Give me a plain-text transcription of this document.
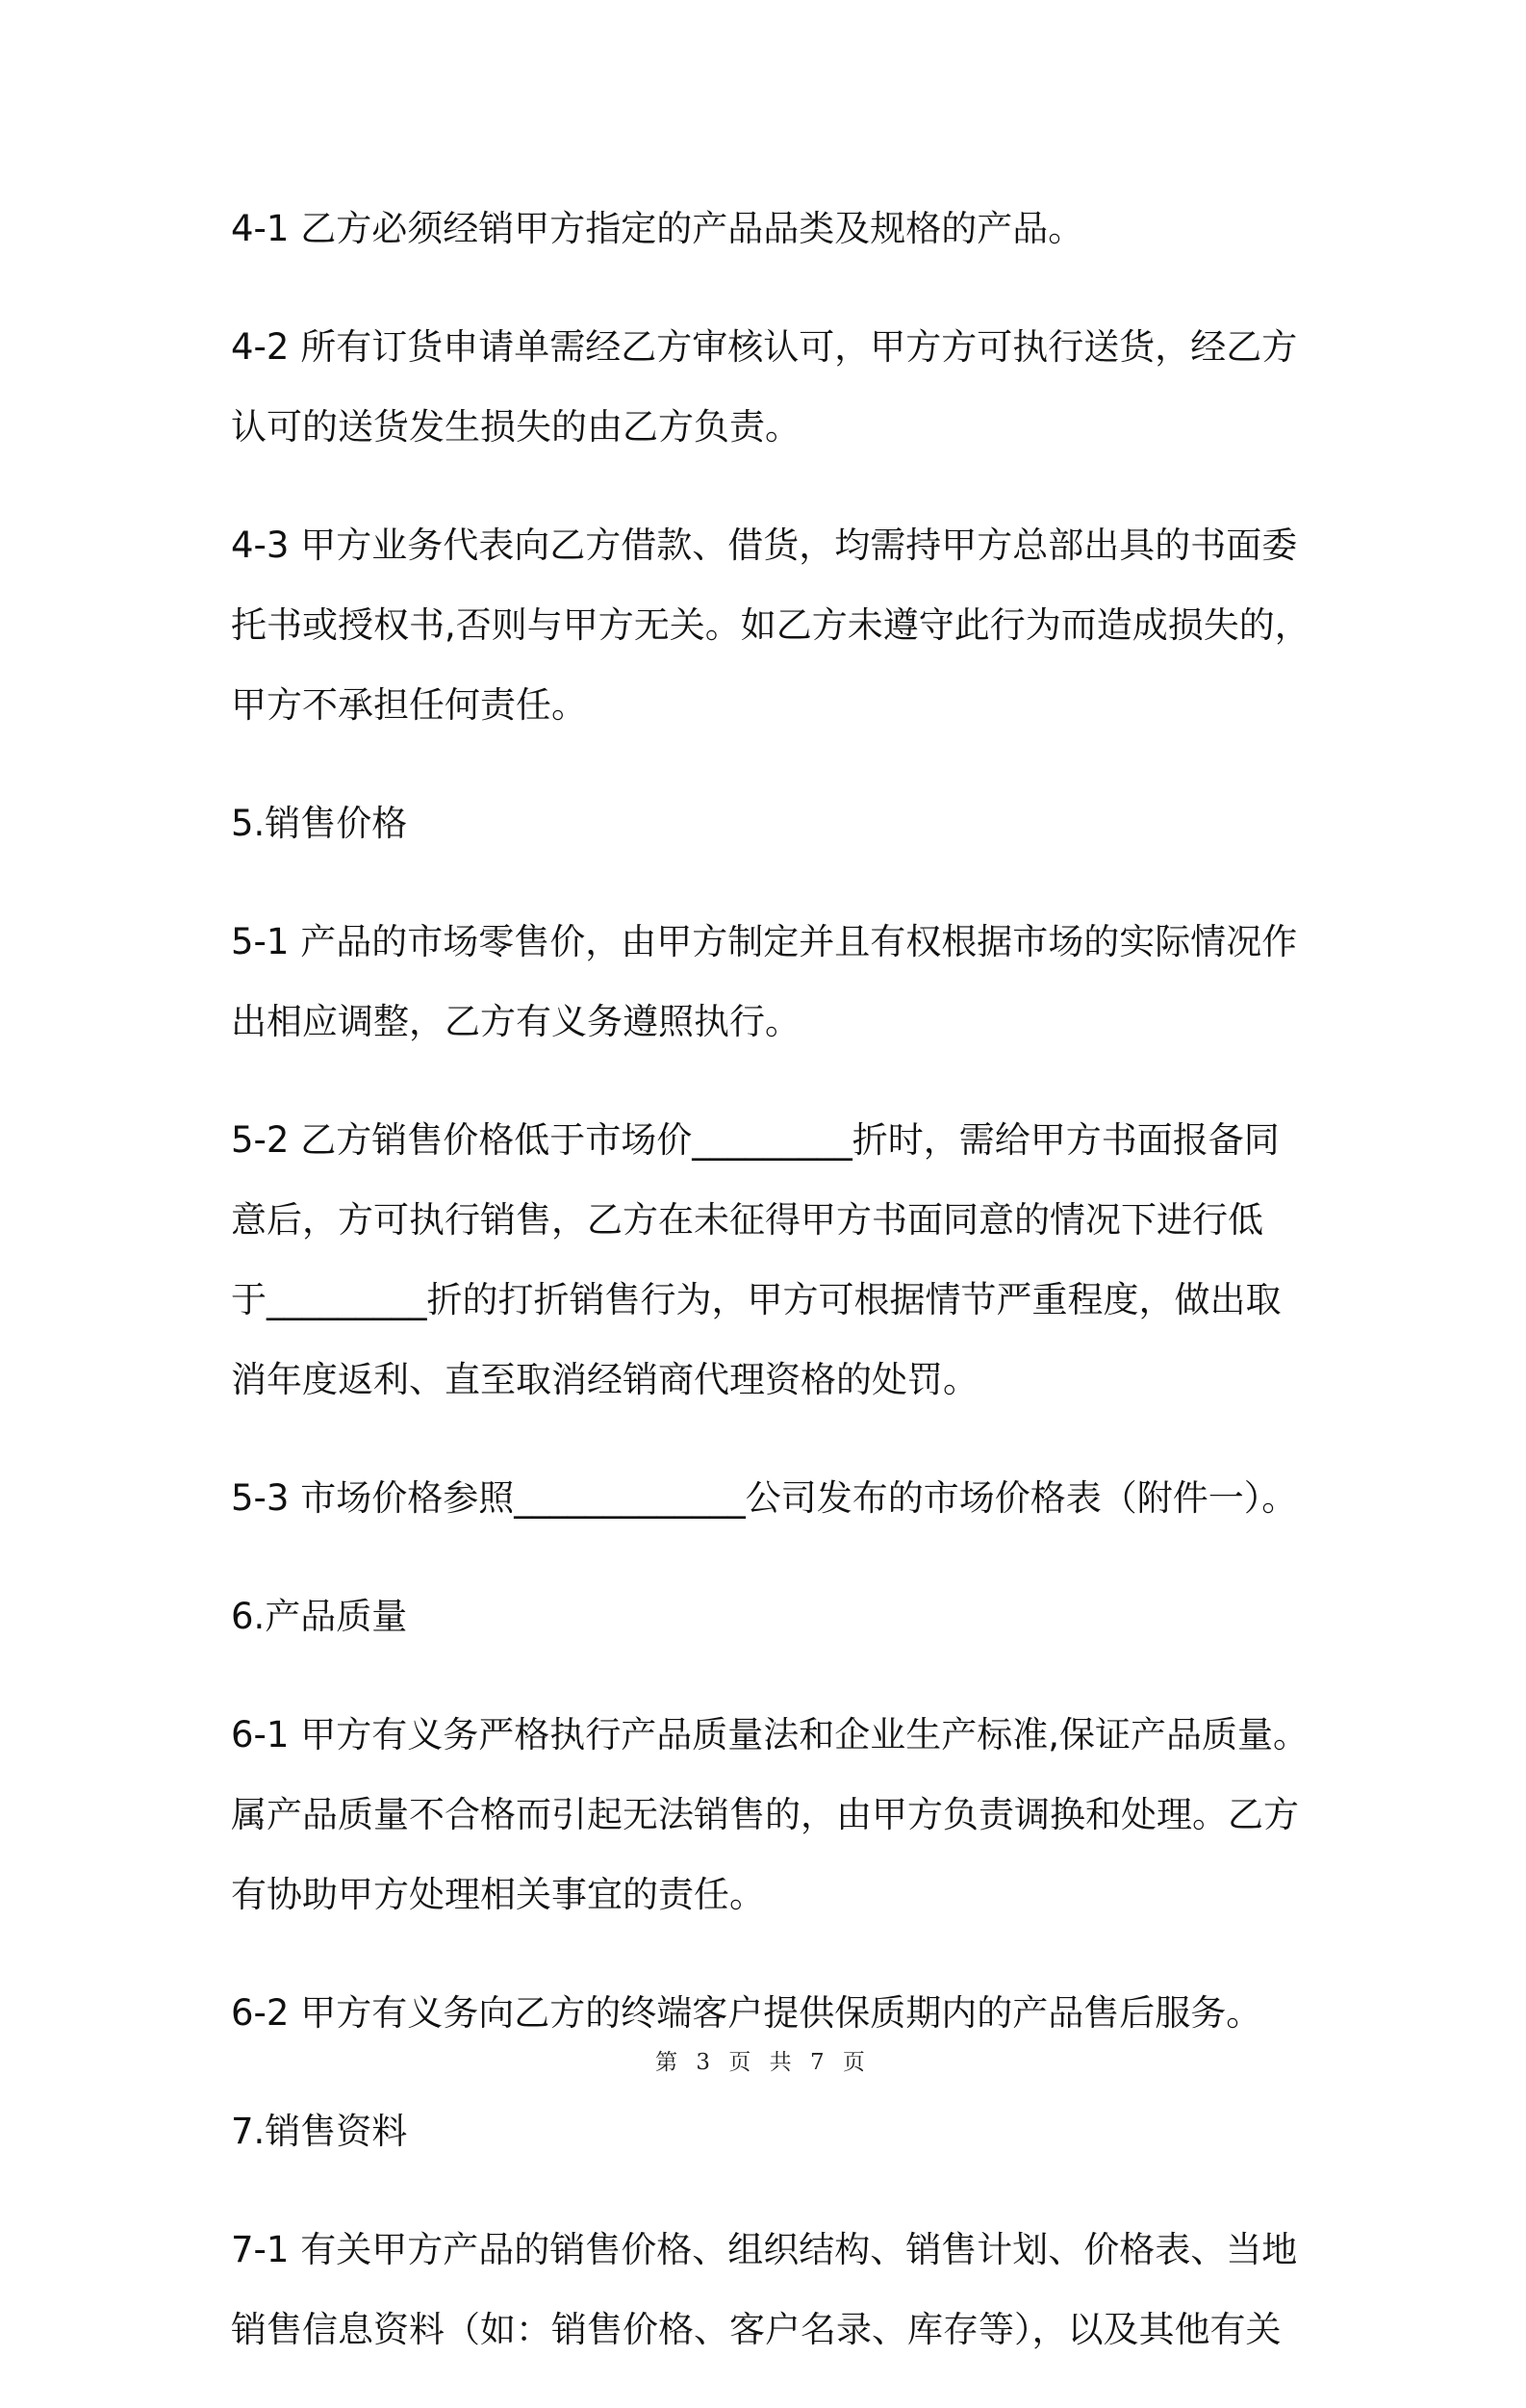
4-1 乙方必须经销甲方指定的产品品类及规格的产品。

4-2 所有订货申请单需经乙方审核认可，甲方方可执行送货，经乙方
认可的送货发生损失的由乙方负责。

4-3 甲方业务代表向乙方借款、借货，均需持甲方总部出具的书面委
托书或授权书,否则与甲方无关。如乙方未遵守此行为而造成损失的，
甲方不承担任何责任。

5.销售价格

5-1 产品的市场零售价，由甲方制定并且有权根据市场的实际情况作
出相应调整，乙方有义务遵照执行。

5-2 乙方销售价格低于市场价_________折时，需给甲方书面报备同
意后，方可执行销售，乙方在未征得甲方书面同意的情况下进行低
于_________折的打折销售行为，甲方可根据情节严重程度，做出取
消年度返利、直至取消经销商代理资格的处罚。

5-3 市场价格参照_____________公司发布的市场价格表（附件一）。

6.产品质量

6-1 甲方有义务严格执行产品质量法和企业生产标准,保证产品质量。
属产品质量不合格而引起无法销售的，由甲方负责调换和处理。乙方
有协助甲方处理相关事宜的责任。

6-2 甲方有义务向乙方的终端客户提供保质期内的产品售后服务。

7.销售资料

7-1 有关甲方产品的销售价格、组织结构、销售计划、价格表、当地
销售信息资料（如：销售价格、客户名录、库存等），以及其他有关

第 3 页 共 7 页
